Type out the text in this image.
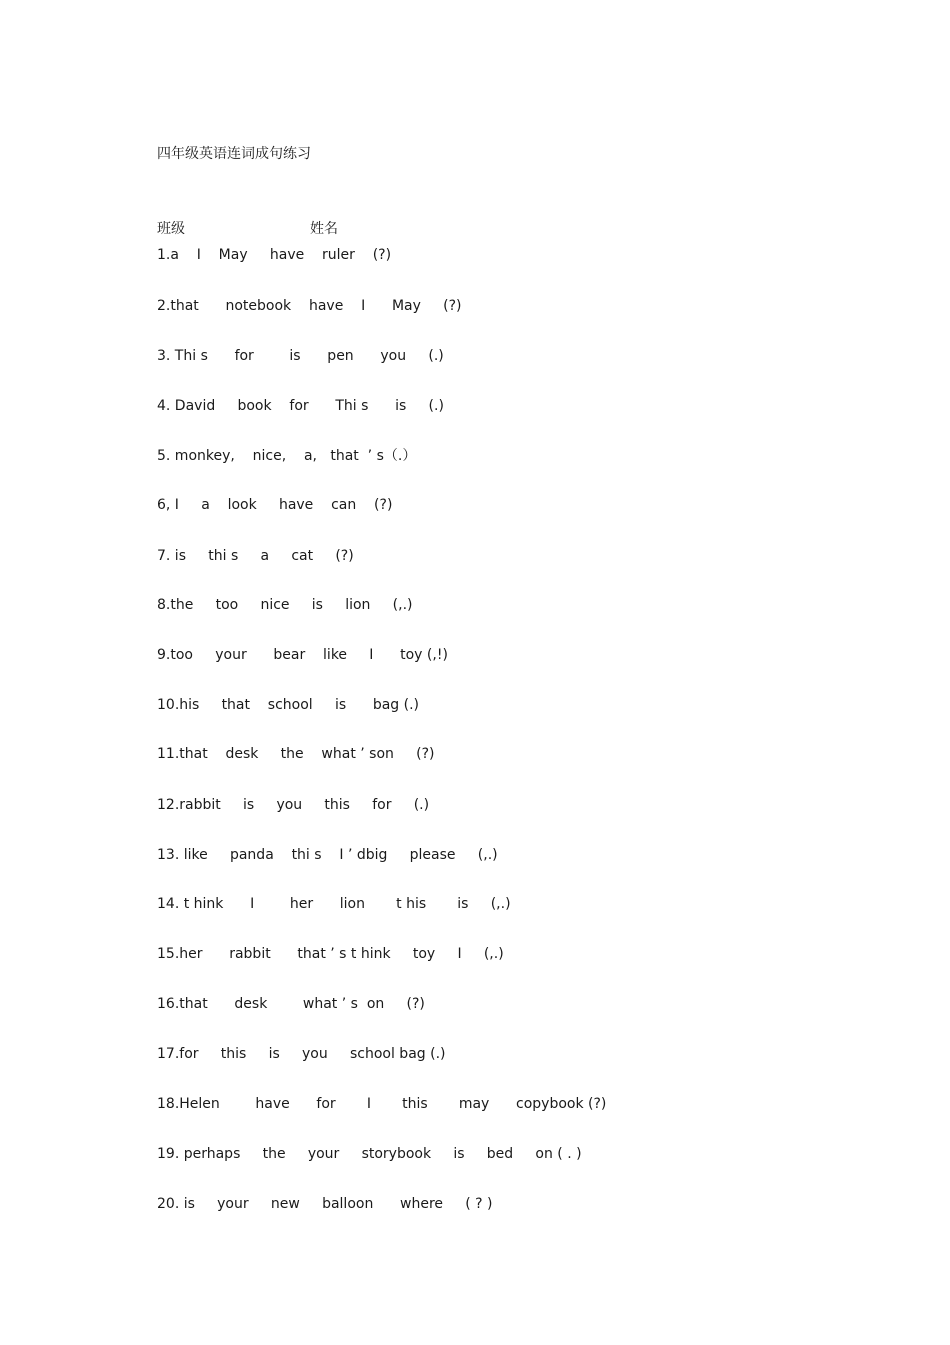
四年级英语连词成句练习
班级	姓名
1.a    I    May     have    ruler    (?)
2.that      notebook    have    I      May     (?)
3. Thi s      for        is      pen      you     (.)
4. David     book    for      Thi s      is     (.)
5. monkey,    nice,    a,   that  ’ s（.）
6, I     a    look     have    can    (?)
7. is     thi s     a     cat     (?)
8.the     too     nice     is     lion     (,.)
9.too     your      bear    like     I      toy (,!)
10.his     that    school     is      bag (.)
11.that    desk     the    what ’ son     (?)
12.rabbit     is     you     this     for     (.)
13. like     panda    thi s    I ’ dbig     please     (,.)
14. t hink      I        her      lion       t his       is     (,.)
15.her      rabbit      that ’ s t hink     toy     I     (,.)
16.that      desk        what ’ s  on     (?)
17.for     this     is     you     school bag (.)
18.Helen        have      for       I       this       may      copybook (?)
19. perhaps     the     your     storybook     is     bed     on ( . )
20. is     your     new     balloon      where     ( ? )
